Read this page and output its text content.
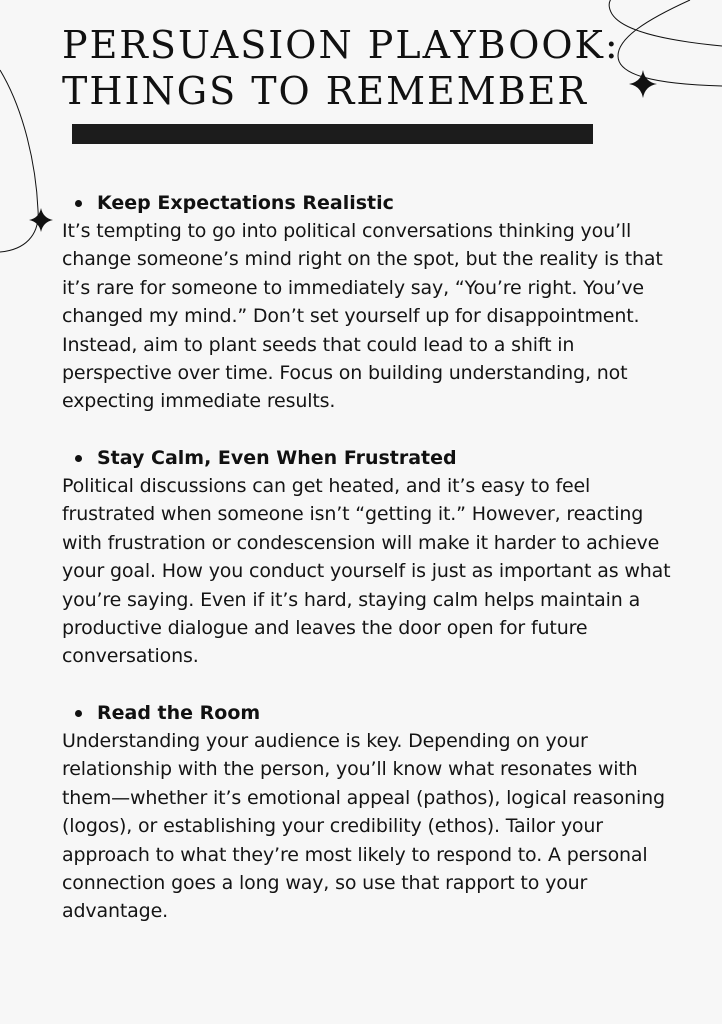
PERSUASION PLAYBOOK:
THINGS TO REMEMBER
Keep Expectations Realistic

It’s tempting to go into political conversations thinking you’ll change someone’s mind right on the spot, but the reality is that it’s rare for someone to immediately say, “You’re right. You’ve changed my mind.” Don’t set yourself up for disappointment. Instead, aim to plant seeds that could lead to a shift in perspective over time. Focus on building understanding, not expecting immediate results.

Stay Calm, Even When Frustrated

Political discussions can get heated, and it’s easy to feel frustrated when someone isn’t “getting it.” However, reacting with frustration or condescension will make it harder to achieve your goal. How you conduct yourself is just as important as what you’re saying. Even if it’s hard, staying calm helps maintain a productive dialogue and leaves the door open for future conversations.

Read the Room

Understanding your audience is key. Depending on your relationship with the person, you’ll know what resonates with them—whether it’s emotional appeal (pathos), logical reasoning (logos), or establishing your credibility (ethos). Tailor your approach to what they’re most likely to respond to. A personal connection goes a long way, so use that rapport to your advantage.
